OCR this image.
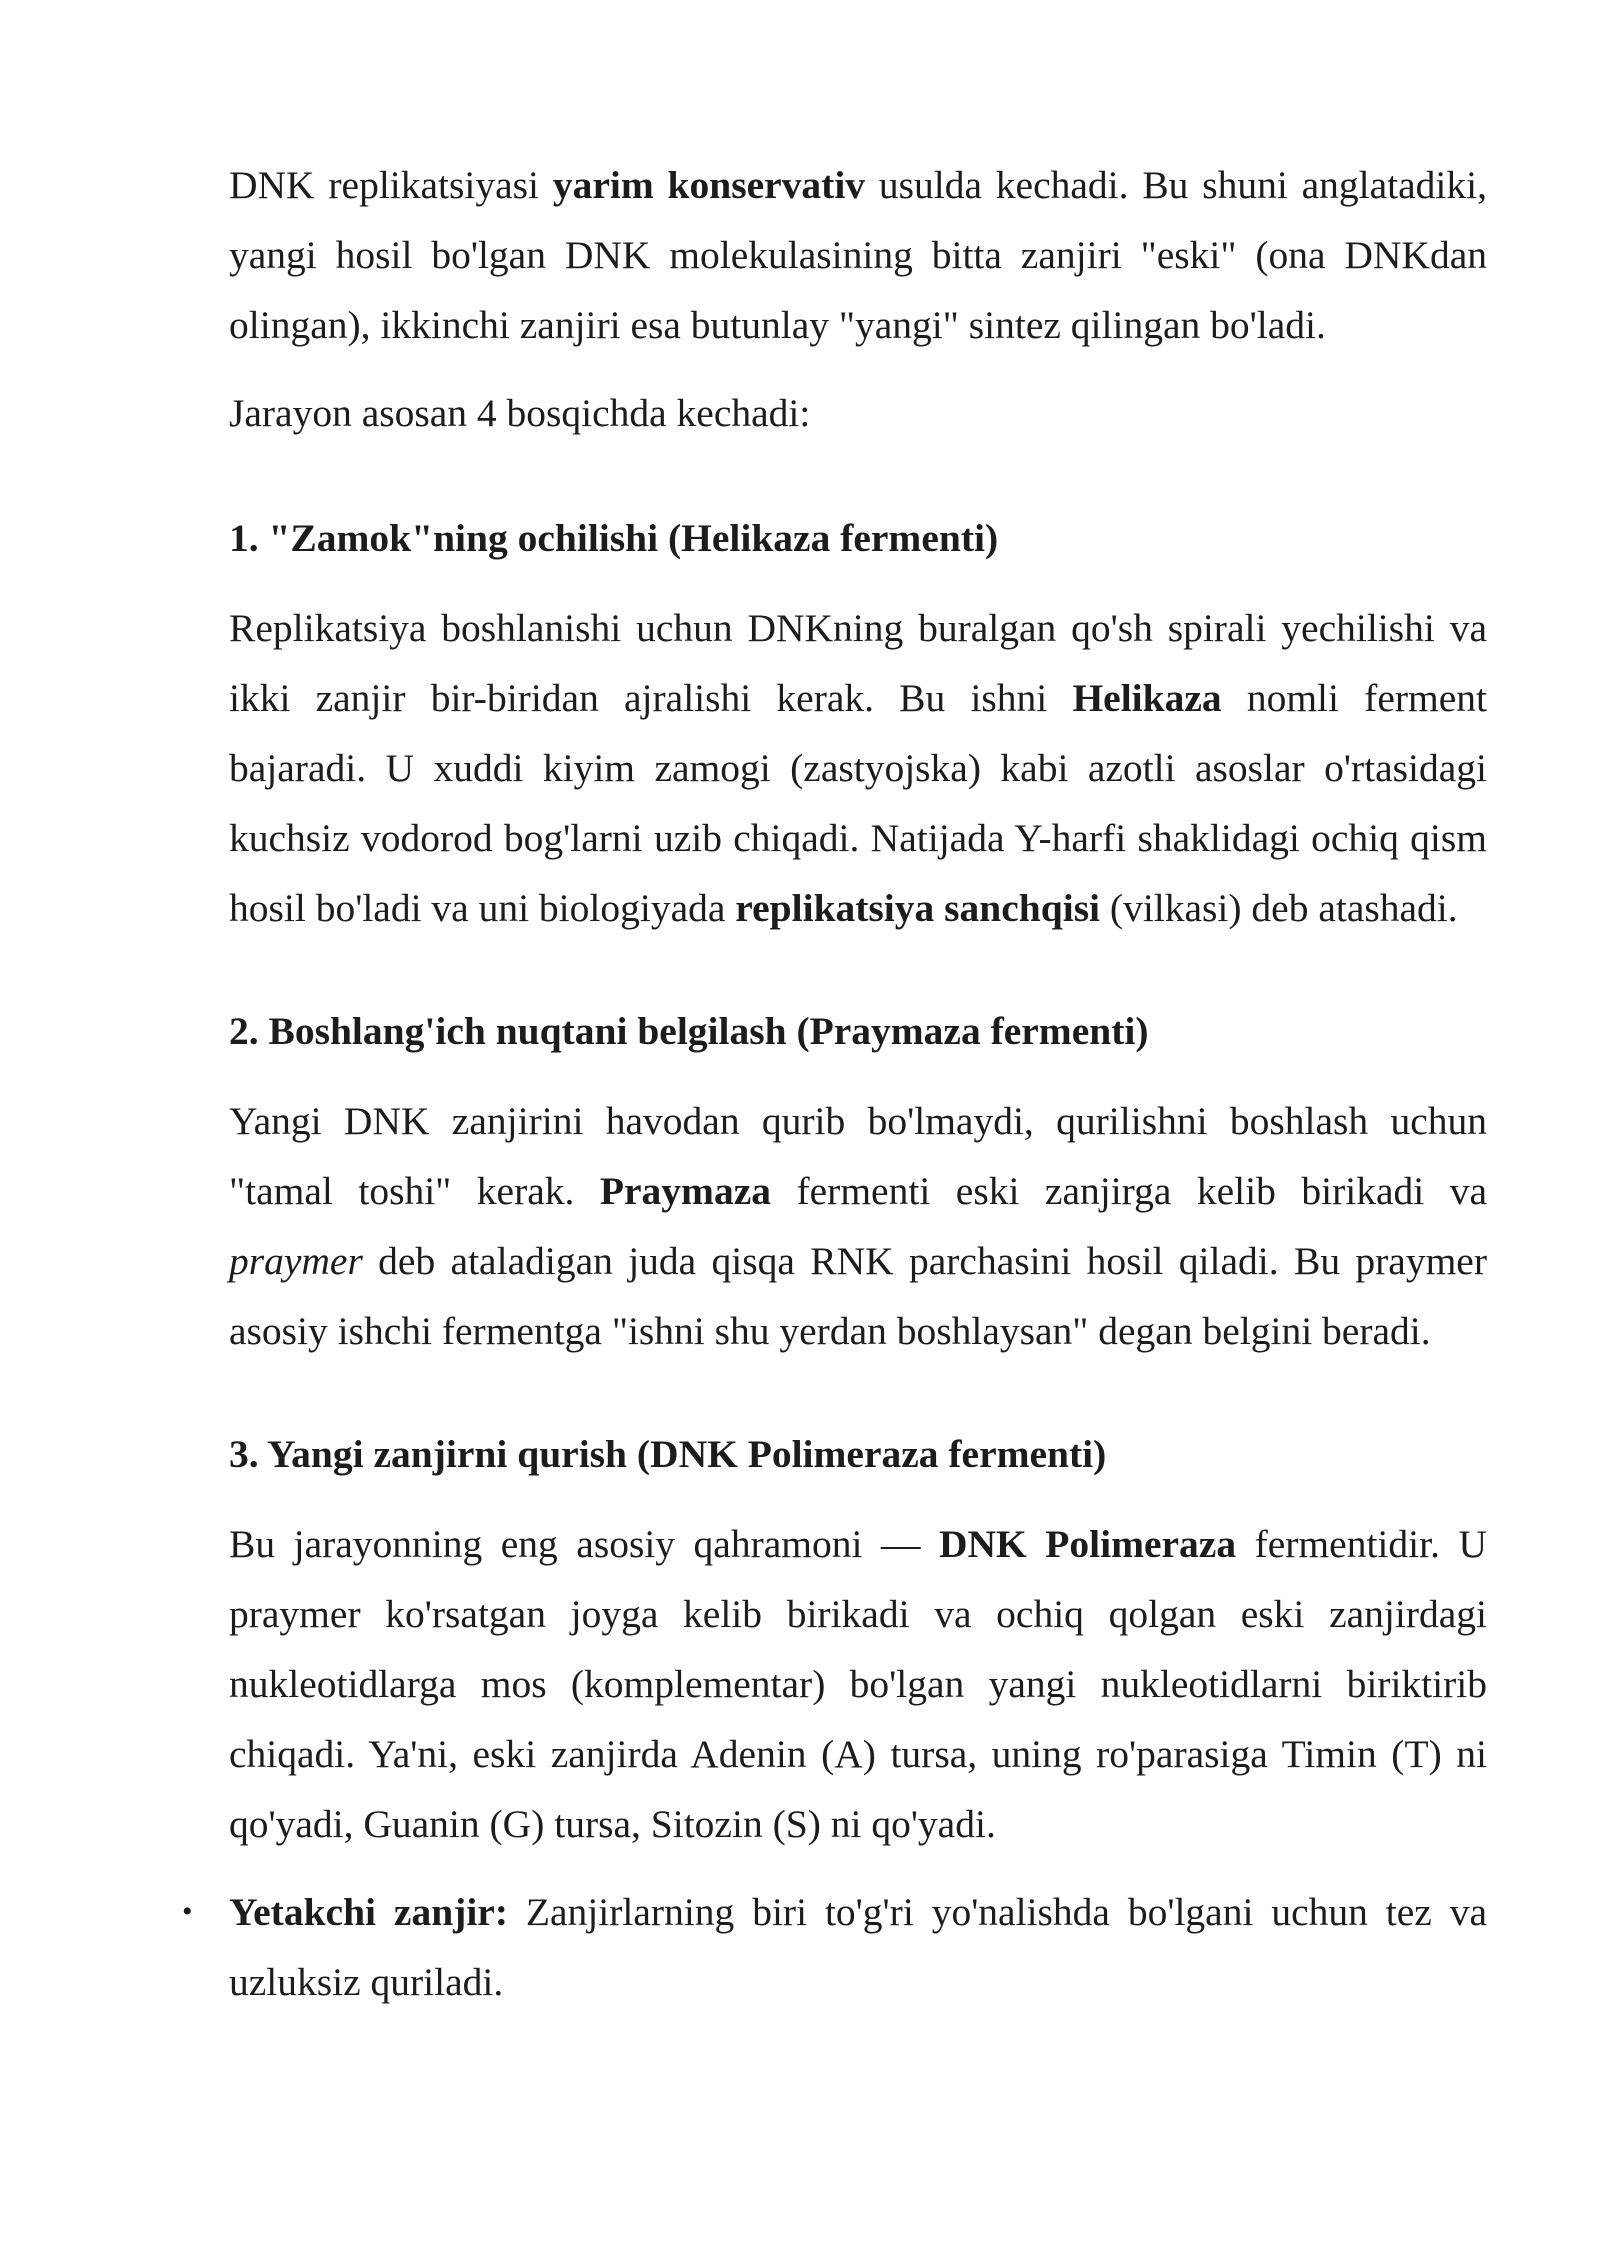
DNK replikatsiyasi yarim konservativ usulda kechadi. Bu shuni anglatadiki, yangi hosil bo'lgan DNK molekulasining bitta zanjiri "eski" (ona DNKdan olingan), ikkinchi zanjiri esa butunlay "yangi" sintez qilingan bo'ladi.

Jarayon asosan 4 bosqichda kechadi:

1. "Zamok"ning ochilishi (Helikaza fermenti)

Replikatsiya boshlanishi uchun DNKning buralgan qo'sh spirali yechilishi va ikki zanjir bir-biridan ajralishi kerak. Bu ishni Helikaza nomli ferment bajaradi. U xuddi kiyim zamogi (zastyojska) kabi azotli asoslar o'rtasidagi kuchsiz vodorod bog'larni uzib chiqadi. Natijada Y-harfi shaklidagi ochiq qism hosil bo'ladi va uni biologiyada replikatsiya sanchqisi (vilkasi) deb atashadi.

2. Boshlang'ich nuqtani belgilash (Praymaza fermenti)

Yangi DNK zanjirini havodan qurib bo'lmaydi, qurilishni boshlash uchun "tamal toshi" kerak. Praymaza fermenti eski zanjirga kelib birikadi va praymer deb ataladigan juda qisqa RNK parchasini hosil qiladi. Bu praymer asosiy ishchi fermentga "ishni shu yerdan boshlaysan" degan belgini beradi.

3. Yangi zanjirni qurish (DNK Polimeraza fermenti)

Bu jarayonning eng asosiy qahramoni — DNK Polimeraza fermentidir. U praymer ko'rsatgan joyga kelib birikadi va ochiq qolgan eski zanjirdagi nukleotidlarga mos (komplementar) bo'lgan yangi nukleotidlarni biriktirib chiqadi. Ya'ni, eski zanjirda Adenin (A) tursa, uning ro'parasiga Timin (T) ni qo'yadi, Guanin (G) tursa, Sitozin (S) ni qo'yadi.

• Yetakchi zanjir: Zanjirlarning biri to'g'ri yo'nalishda bo'lgani uchun tez va uzluksiz quriladi.
